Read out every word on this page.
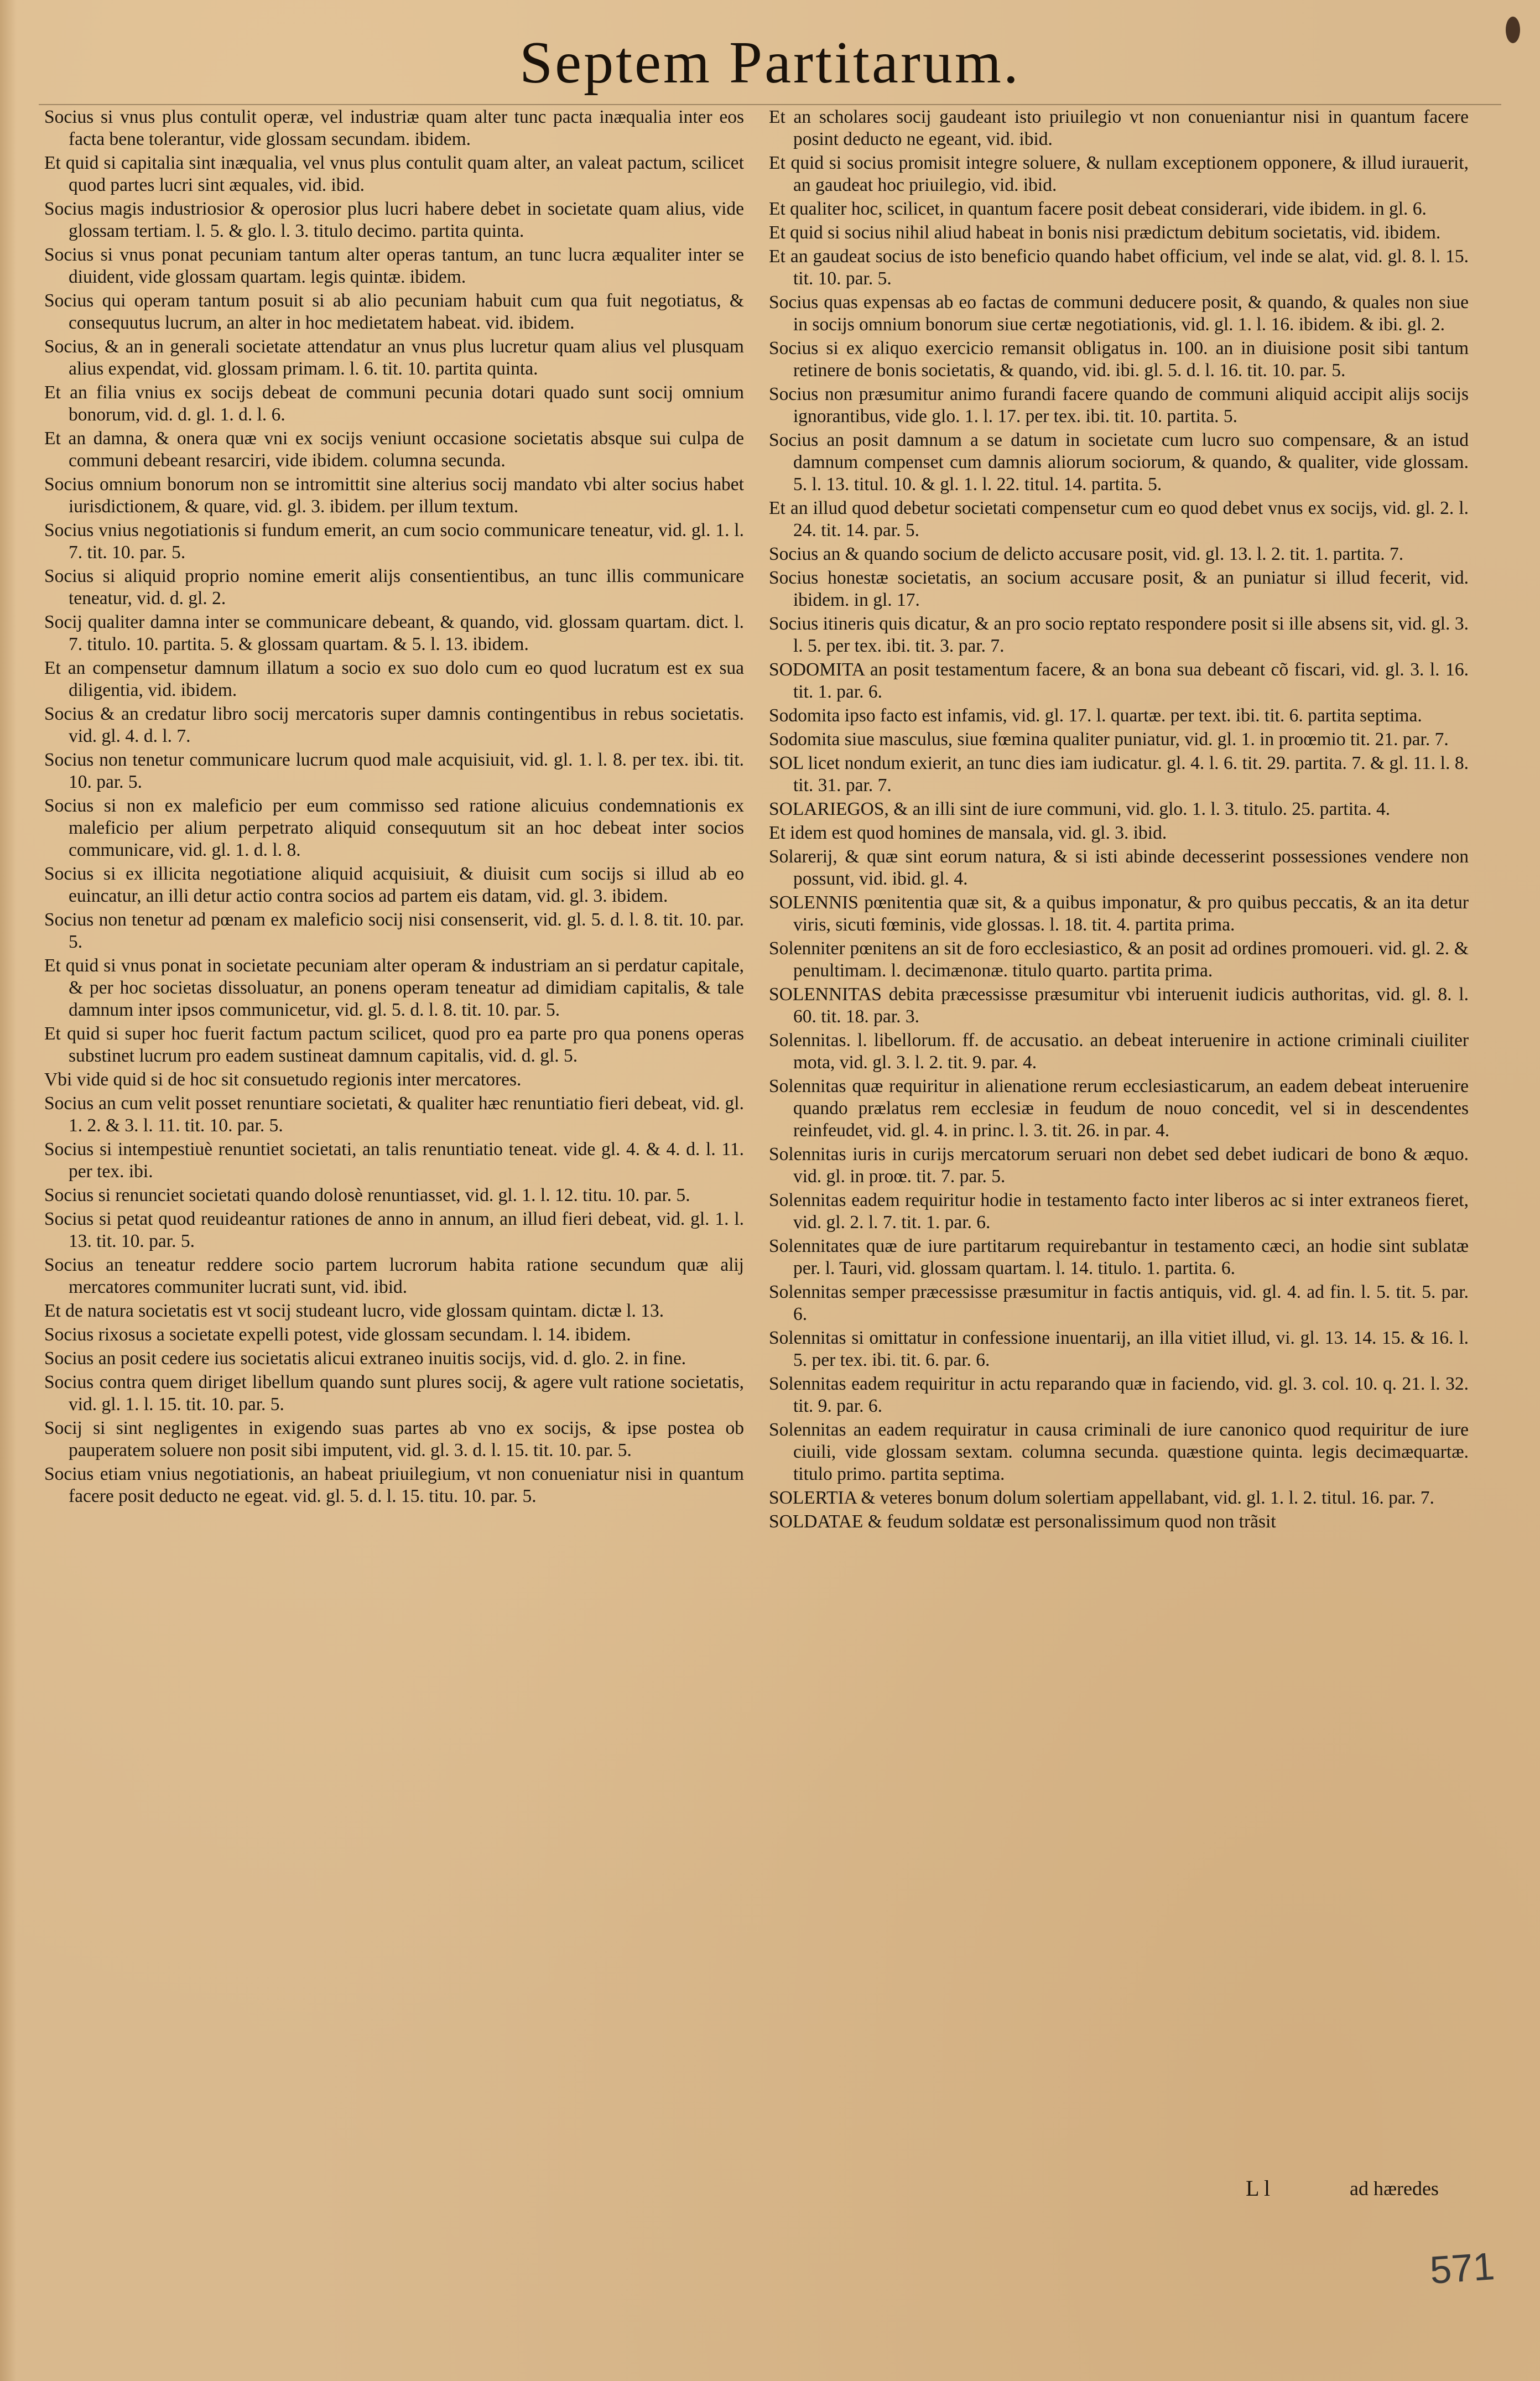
Septem Partitarum.

Socius si vnus plus contulit operæ, vel industriæ quam alter tunc pacta inæqualia inter eos facta bene tolerantur, vide glossam secundam. ibidem.

Et quid si capitalia sint inæqualia, vel vnus plus contulit quam alter, an valeat pactum, scilicet quod partes lucri sint æquales, vid. ibid.

Socius magis industriosior & operosior plus lucri habere debet in societate quam alius, vide glossam tertiam. l. 5. & glo. l. 3. titulo decimo. partita quinta.

Socius si vnus ponat pecuniam tantum alter operas tantum, an tunc lucra æqualiter inter se diuident, vide glossam quartam. legis quintæ. ibidem.

Socius qui operam tantum posuit si ab alio pecuniam habuit cum qua fuit negotiatus, & consequutus lucrum, an alter in hoc medietatem habeat. vid. ibidem.

Socius, & an in generali societate attendatur an vnus plus lucretur quam alius vel plusquam alius expendat, vid. glossam primam. l. 6. tit. 10. partita quinta.

Et an filia vnius ex socijs debeat de communi pecunia dotari quado sunt socij omnium bonorum, vid. d. gl. 1. d. l. 6.

Et an damna, & onera quæ vni ex socijs veniunt occasione societatis absque sui culpa de communi debeant resarciri, vide ibidem. columna secunda.

Socius omnium bonorum non se intromittit sine alterius socij mandato vbi alter socius habet iurisdictionem, & quare, vid. gl. 3. ibidem. per illum textum.

Socius vnius negotiationis si fundum emerit, an cum socio communicare teneatur, vid. gl. 1. l. 7. tit. 10. par. 5.

Socius si aliquid proprio nomine emerit alijs consentientibus, an tunc illis communicare teneatur, vid. d. gl. 2.

Socij qualiter damna inter se communicare debeant, & quando, vid. glossam quartam. dict. l. 7. titulo. 10. partita. 5. & glossam quartam. & 5. l. 13. ibidem.

Et an compensetur damnum illatum a socio ex suo dolo cum eo quod lucratum est ex sua diligentia, vid. ibidem.

Socius & an credatur libro socij mercatoris super damnis contingentibus in rebus societatis. vid. gl. 4. d. l. 7.

Socius non tenetur communicare lucrum quod male acquisiuit, vid. gl. 1. l. 8. per tex. ibi. tit. 10. par. 5.

Socius si non ex maleficio per eum commisso sed ratione alicuius condemnationis ex maleficio per alium perpetrato aliquid consequutum sit an hoc debeat inter socios communicare, vid. gl. 1. d. l. 8.

Socius si ex illicita negotiatione aliquid acquisiuit, & diuisit cum socijs si illud ab eo euincatur, an illi detur actio contra socios ad partem eis datam, vid. gl. 3. ibidem.

Socius non tenetur ad pœnam ex maleficio socij nisi consenserit, vid. gl. 5. d. l. 8. tit. 10. par. 5.

Et quid si vnus ponat in societate pecuniam alter operam & industriam an si perdatur capitale, & per hoc societas dissoluatur, an ponens operam teneatur ad dimidiam capitalis, & tale damnum inter ipsos communicetur, vid. gl. 5. d. l. 8. tit. 10. par. 5.

Et quid si super hoc fuerit factum pactum scilicet, quod pro ea parte pro qua ponens operas substinet lucrum pro eadem sustineat damnum capitalis, vid. d. gl. 5.

Vbi vide quid si de hoc sit consuetudo regionis inter mercatores.

Socius an cum velit posset renuntiare societati, & qualiter hæc renuntiatio fieri debeat, vid. gl. 1. 2. & 3. l. 11. tit. 10. par. 5.

Socius si intempestiuè renuntiet societati, an talis renuntiatio teneat. vide gl. 4. & 4. d. l. 11. per tex. ibi.

Socius si renunciet societati quando dolosè renuntiasset, vid. gl. 1. l. 12. titu. 10. par. 5.

Socius si petat quod reuideantur rationes de anno in annum, an illud fieri debeat, vid. gl. 1. l. 13. tit. 10. par. 5.

Socius an teneatur reddere socio partem lucrorum habita ratione secundum quæ alij mercatores communiter lucrati sunt, vid. ibid.

Et de natura societatis est vt socij studeant lucro, vide glossam quintam. dictæ l. 13.

Socius rixosus a societate expelli potest, vide glossam secundam. l. 14. ibidem.

Socius an posit cedere ius societatis alicui extraneo inuitis socijs, vid. d. glo. 2. in fine.

Socius contra quem diriget libellum quando sunt plures socij, & agere vult ratione societatis, vid. gl. 1. l. 15. tit. 10. par. 5.

Socij si sint negligentes in exigendo suas partes ab vno ex socijs, & ipse postea ob pauperatem soluere non posit sibi imputent, vid. gl. 3. d. l. 15. tit. 10. par. 5.

Socius etiam vnius negotiationis, an habeat priuilegium, vt non conueniatur nisi in quantum facere posit deducto ne egeat. vid. gl. 5. d. l. 15. titu. 10. par. 5.

Et an scholares socij gaudeant isto priuilegio vt non conueniantur nisi in quantum facere posint deducto ne egeant, vid. ibid.

Et quid si socius promisit integre soluere, & nullam exceptionem opponere, & illud iurauerit, an gaudeat hoc priuilegio, vid. ibid.

Et qualiter hoc, scilicet, in quantum facere posit debeat considerari, vide ibidem. in gl. 6.

Et quid si socius nihil aliud habeat in bonis nisi prædictum debitum societatis, vid. ibidem.

Et an gaudeat socius de isto beneficio quando habet officium, vel inde se alat, vid. gl. 8. l. 15. tit. 10. par. 5.

Socius quas expensas ab eo factas de communi deducere posit, & quando, & quales non siue in socijs omnium bonorum siue certæ negotiationis, vid. gl. 1. l. 16. ibidem. & ibi. gl. 2.

Socius si ex aliquo exercicio remansit obligatus in. 100. an in diuisione posit sibi tantum retinere de bonis societatis, & quando, vid. ibi. gl. 5. d. l. 16. tit. 10. par. 5.

Socius non præsumitur animo furandi facere quando de communi aliquid accipit alijs socijs ignorantibus, vide glo. 1. l. 17. per tex. ibi. tit. 10. partita. 5.

Socius an posit damnum a se datum in societate cum lucro suo compensare, & an istud damnum compenset cum damnis aliorum sociorum, & quando, & qualiter, vide glossam. 5. l. 13. titul. 10. & gl. 1. l. 22. titul. 14. partita. 5.

Et an illud quod debetur societati compensetur cum eo quod debet vnus ex socijs, vid. gl. 2. l. 24. tit. 14. par. 5.

Socius an & quando socium de delicto accusare posit, vid. gl. 13. l. 2. tit. 1. partita. 7.

Socius honestæ societatis, an socium accusare posit, & an puniatur si illud fecerit, vid. ibidem. in gl. 17.

Socius itineris quis dicatur, & an pro socio reptato respondere posit si ille absens sit, vid. gl. 3. l. 5. per tex. ibi. tit. 3. par. 7.

SODOMITA an posit testamentum facere, & an bona sua debeant cõ fiscari, vid. gl. 3. l. 16. tit. 1. par. 6.

Sodomita ipso facto est infamis, vid. gl. 17. l. quartæ. per text. ibi. tit. 6. partita septima.

Sodomita siue masculus, siue fœmina qualiter puniatur, vid. gl. 1. in proœmio tit. 21. par. 7.

SOL licet nondum exierit, an tunc dies iam iudicatur. gl. 4. l. 6. tit. 29. partita. 7. & gl. 11. l. 8. tit. 31. par. 7.

SOLARIEGOS, & an illi sint de iure communi, vid. glo. 1. l. 3. titulo. 25. partita. 4.

Et idem est quod homines de mansala, vid. gl. 3. ibid.

Solarerij, & quæ sint eorum natura, & si isti abinde decesserint possessiones vendere non possunt, vid. ibid. gl. 4.

SOLENNIS pœnitentia quæ sit, & a quibus imponatur, & pro quibus peccatis, & an ita detur viris, sicuti fœminis, vide glossas. l. 18. tit. 4. partita prima.

Solenniter pœnitens an sit de foro ecclesiastico, & an posit ad ordines promoueri. vid. gl. 2. & penultimam. l. decimænonæ. titulo quarto. partita prima.

SOLENNITAS debita præcessisse præsumitur vbi interuenit iudicis authoritas, vid. gl. 8. l. 60. tit. 18. par. 3.

Solennitas. l. libellorum. ff. de accusatio. an debeat interuenire in actione criminali ciuiliter mota, vid. gl. 3. l. 2. tit. 9. par. 4.

Solennitas quæ requiritur in alienatione rerum ecclesiasticarum, an eadem debeat interuenire quando prælatus rem ecclesiæ in feudum de nouo concedit, vel si in descendentes reinfeudet, vid. gl. 4. in princ. l. 3. tit. 26. in par. 4.

Solennitas iuris in curijs mercatorum seruari non debet sed debet iudicari de bono & æquo. vid. gl. in proœ. tit. 7. par. 5.

Solennitas eadem requiritur hodie in testamento facto inter liberos ac si inter extraneos fieret, vid. gl. 2. l. 7. tit. 1. par. 6.

Solennitates quæ de iure partitarum requirebantur in testamento cæci, an hodie sint sublatæ per. l. Tauri, vid. glossam quartam. l. 14. titulo. 1. partita. 6.

Solennitas semper præcessisse præsumitur in factis antiquis, vid. gl. 4. ad fin. l. 5. tit. 5. par. 6.

Solennitas si omittatur in confessione inuentarij, an illa vitiet illud, vi. gl. 13. 14. 15. & 16. l. 5. per tex. ibi. tit. 6. par. 6.

Solennitas eadem requiritur in actu reparando quæ in faciendo, vid. gl. 3. col. 10. q. 21. l. 32. tit. 9. par. 6.

Solennitas an eadem requiratur in causa criminali de iure canonico quod requiritur de iure ciuili, vide glossam sextam. columna secunda. quæstione quinta. legis decimæquartæ. titulo primo. partita septima.

SOLERTIA & veteres bonum dolum solertiam appellabant, vid. gl. 1. l. 2. titul. 16. par. 7.

SOLDATAE & feudum soldatæ est personalissimum quod non trãsit

L l	ad hæredes
571
